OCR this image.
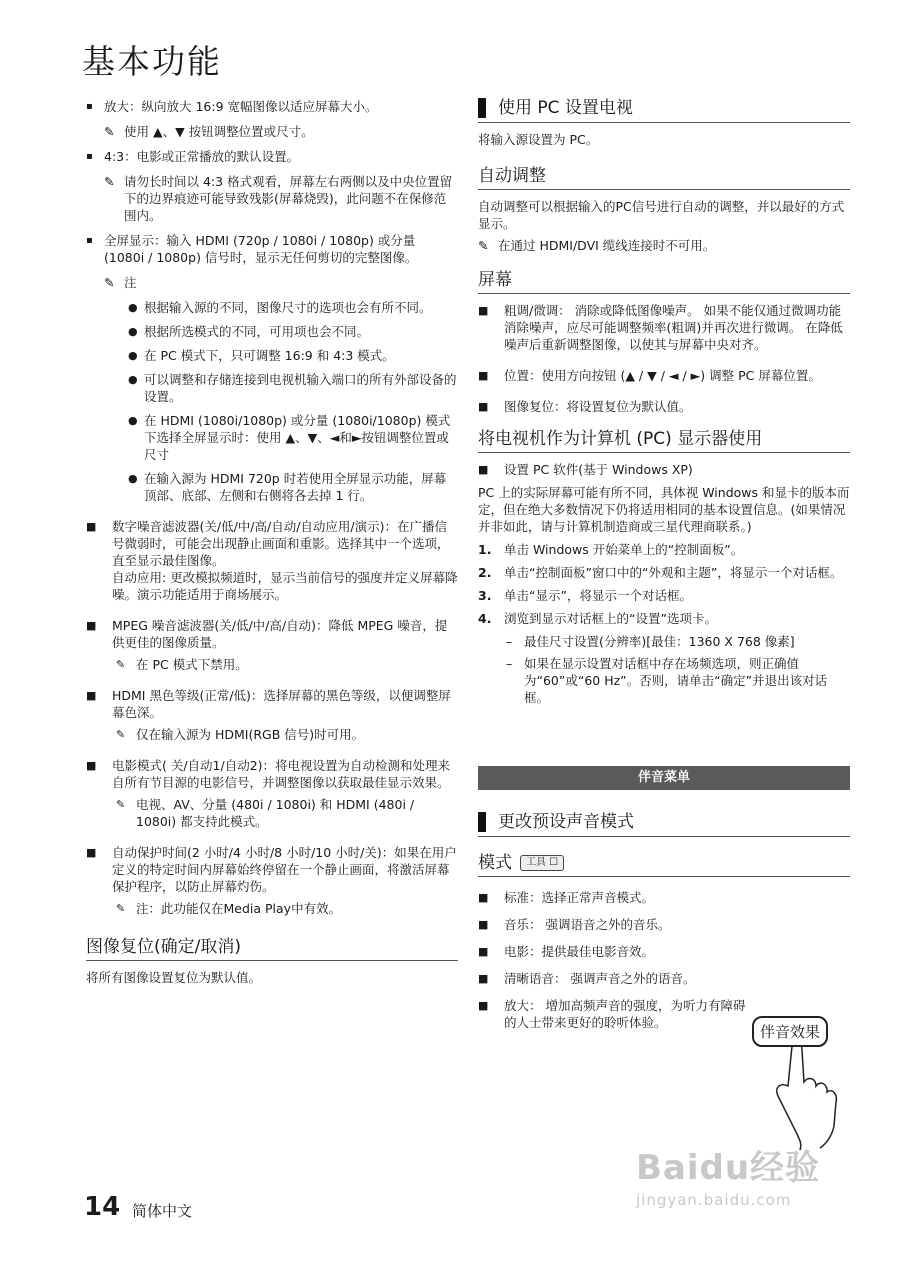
基本功能
▪ 放大：纵向放大 16:9 宽幅图像以适应屏幕大小。
✎ 使用 ▲、▼ 按钮调整位置或尺寸。
▪ 4:3：电影或正常播放的默认设置。
✎ 请勿长时间以 4:3 格式观看，屏幕左右两侧以及中央位置留下的边界痕迹可能导致残影(屏幕烧毁)，此问题不在保修范围内。
▪ 全屏显示：输入 HDMI (720p / 1080i / 1080p) 或分量 (1080i / 1080p) 信号时，显示无任何剪切的完整图像。
✎ 注
● 根据输入源的不同，图像尺寸的选项也会有所不同。
● 根据所选模式的不同，可用项也会不同。
● 在 PC 模式下，只可调整 16:9 和 4:3 模式。
● 可以调整和存储连接到电视机输入端口的所有外部设备的设置。
● 在 HDMI (1080i/1080p) 或分量 (1080i/1080p) 模式下选择全屏显示时：使用 ▲、▼、◄和►按钮调整位置或尺寸
● 在输入源为 HDMI 720p 时若使用全屏显示功能，屏幕顶部、底部、左侧和右侧将各去掉 1 行。
■ 数字噪音滤波器(关/低/中/高/自动/自动应用/演示)：在广播信号微弱时，可能会出现静止画面和重影。选择其中一个选项，直至显示最佳图像。
自动应用: 更改模拟频道时，显示当前信号的强度并定义屏幕降噪。演示功能适用于商场展示。
■ MPEG 噪音滤波器(关/低/中/高/自动)：降低 MPEG 噪音，提供更佳的图像质量。
✎ 在 PC 模式下禁用。
■ HDMI 黑色等级(正常/低)：选择屏幕的黑色等级，以便调整屏幕色深。
✎ 仅在输入源为 HDMI(RGB 信号)时可用。
■ 电影模式( 关/自动1/自动2)：将电视设置为自动检测和处理来自所有节目源的电影信号，并调整图像以获取最佳显示效果。
✎ 电视、AV、分量 (480i / 1080i) 和 HDMI (480i / 1080i) 都支持此模式。
■ 自动保护时间(2 小时/4 小时/8 小时/10 小时/关)：如果在用户定义的特定时间内屏幕始终停留在一个静止画面，将激活屏幕保护程序，以防止屏幕灼伤。
✎ 注：此功能仅在Media Play中有效。
图像复位(确定/取消)
将所有图像设置复位为默认值。
使用 PC 设置电视
将输入源设置为 PC。
自动调整
自动调整可以根据输入的PC信号进行自动的调整，并以最好的方式显示。
✎ 在通过 HDMI/DVI 缆线连接时不可用。
屏幕
■ 粗调/微调： 消除或降低图像噪声。 如果不能仅通过微调功能消除噪声，应尽可能调整频率(粗调)并再次进行微调。 在降低噪声后重新调整图像，以使其与屏幕中央对齐。
■ 位置：使用方向按钮 (▲ / ▼ / ◄ / ►) 调整 PC 屏幕位置。
■ 图像复位：将设置复位为默认值。
将电视机作为计算机 (PC) 显示器使用
■ 设置 PC 软件(基于 Windows XP)
PC 上的实际屏幕可能有所不同，具体视 Windows 和显卡的版本而定，但在绝大多数情况下仍将适用相同的基本设置信息。(如果情况并非如此，请与计算机制造商或三星代理商联系。)
1. 单击 Windows 开始菜单上的“控制面板”。
2. 单击“控制面板”窗口中的“外观和主题”，将显示一个对话框。
3. 单击“显示”，将显示一个对话框。
4. 浏览到显示对话框上的“设置”选项卡。
– 最佳尺寸设置(分辨率)[最佳：1360 X 768 像素]
– 如果在显示设置对话框中存在场频选项，则正确值为“60”或“60 Hz”。否则，请单击“确定”并退出该对话框。
伴音菜单
更改预设声音模式
模式 工具 ☐
■ 标准：选择正常声音模式。
■ 音乐： 强调语音之外的音乐。
■ 电影：提供最佳电影音效。
■ 清晰语音： 强调声音之外的语音。
■ 放大： 增加高频声音的强度，为听力有障碍的人士带来更好的聆听体验。
伴音效果
14 简体中文
Baidu经验
jingyan.baidu.com
